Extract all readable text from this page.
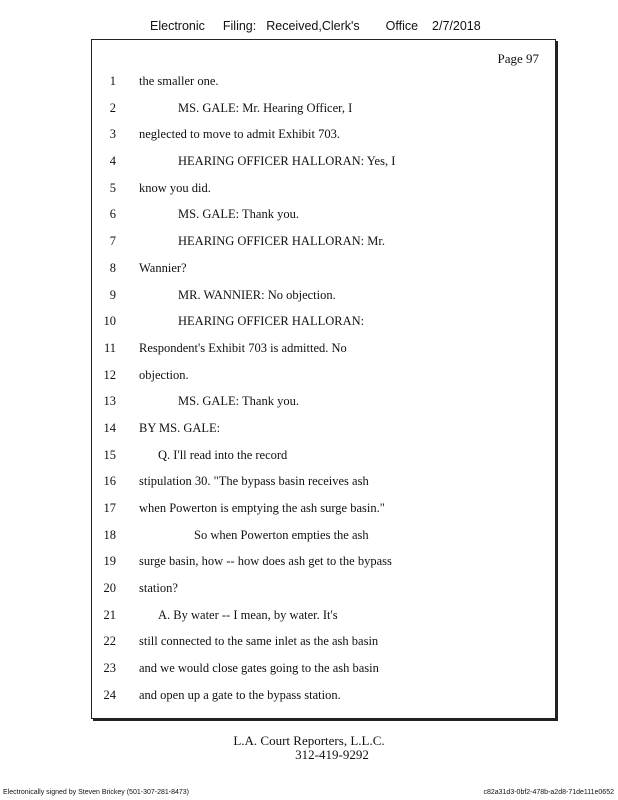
Electronic Filing: Received,Clerk's Office 2/7/2018
Page 97
1 the smaller one.
2	MS. GALE: Mr. Hearing Officer, I
3 neglected to move to admit Exhibit 703.
4	HEARING OFFICER HALLORAN: Yes, I
5 know you did.
6	MS. GALE: Thank you.
7	HEARING OFFICER HALLORAN: Mr.
8 Wannier?
9	MR. WANNIER: No objection.
10	HEARING OFFICER HALLORAN:
11 Respondent's Exhibit 703 is admitted. No
12 objection.
13	MS. GALE: Thank you.
14 BY MS. GALE:
15	Q. I'll read into the record
16 stipulation 30. "The bypass basin receives ash
17 when Powerton is emptying the ash surge basin."
18	So when Powerton empties the ash
19 surge basin, how -- how does ash get to the bypass
20 station?
21	A. By water -- I mean, by water. It's
22 still connected to the same inlet as the ash basin
23 and we would close gates going to the ash basin
24 and open up a gate to the bypass station.
L.A. Court Reporters, L.L.C.
312-419-9292
Electronically signed by Steven Brickey (501-307-281-8473)	c82a31d3-0bf2-478b-a2d8-71de111e0652
